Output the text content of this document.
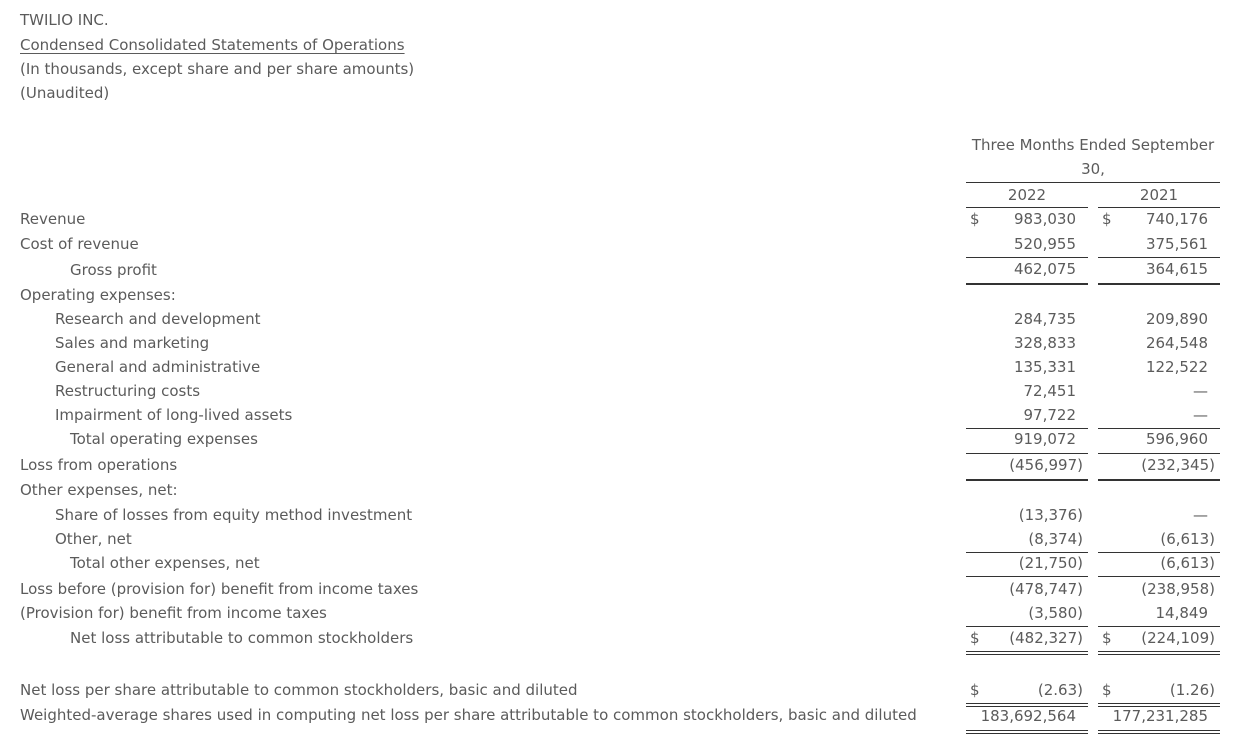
TWILIO INC.
Condensed Consolidated Statements of Operations
(In thousands, except share and per share amounts)
(Unaudited)
Three Months Ended September
30,
2022	2021
Revenue	$	983,030 $	740,176
Cost of revenue	520,955	375,561
Gross profit	462,075	364,615
Operating expenses:
Research and development	284,735	209,890
Sales and marketing	328,833	264,548
General and administrative	135,331	122,522
Restructuring costs	72,451	—
Impairment of long-lived assets	97,722	—
Total operating expenses	919,072	596,960
Loss from operations	(456,997)	(232,345)
Other expenses, net:
Share of losses from equity method investment	(13,376)	—
Other, net	(8,374)	(6,613)
Total other expenses, net	(21,750)	(6,613)
Loss before (provision for) benefit from income taxes	(478,747)	(238,958)
(Provision for) benefit from income taxes	(3,580)	14,849
Net loss attributable to common stockholders	$	(482,327) $	(224,109)
Net loss per share attributable to common stockholders, basic and diluted	$	(2.63) $	(1.26)
Weighted-average shares used in computing net loss per share attributable to common stockholders, basic and diluted	183,692,564	177,231,285
